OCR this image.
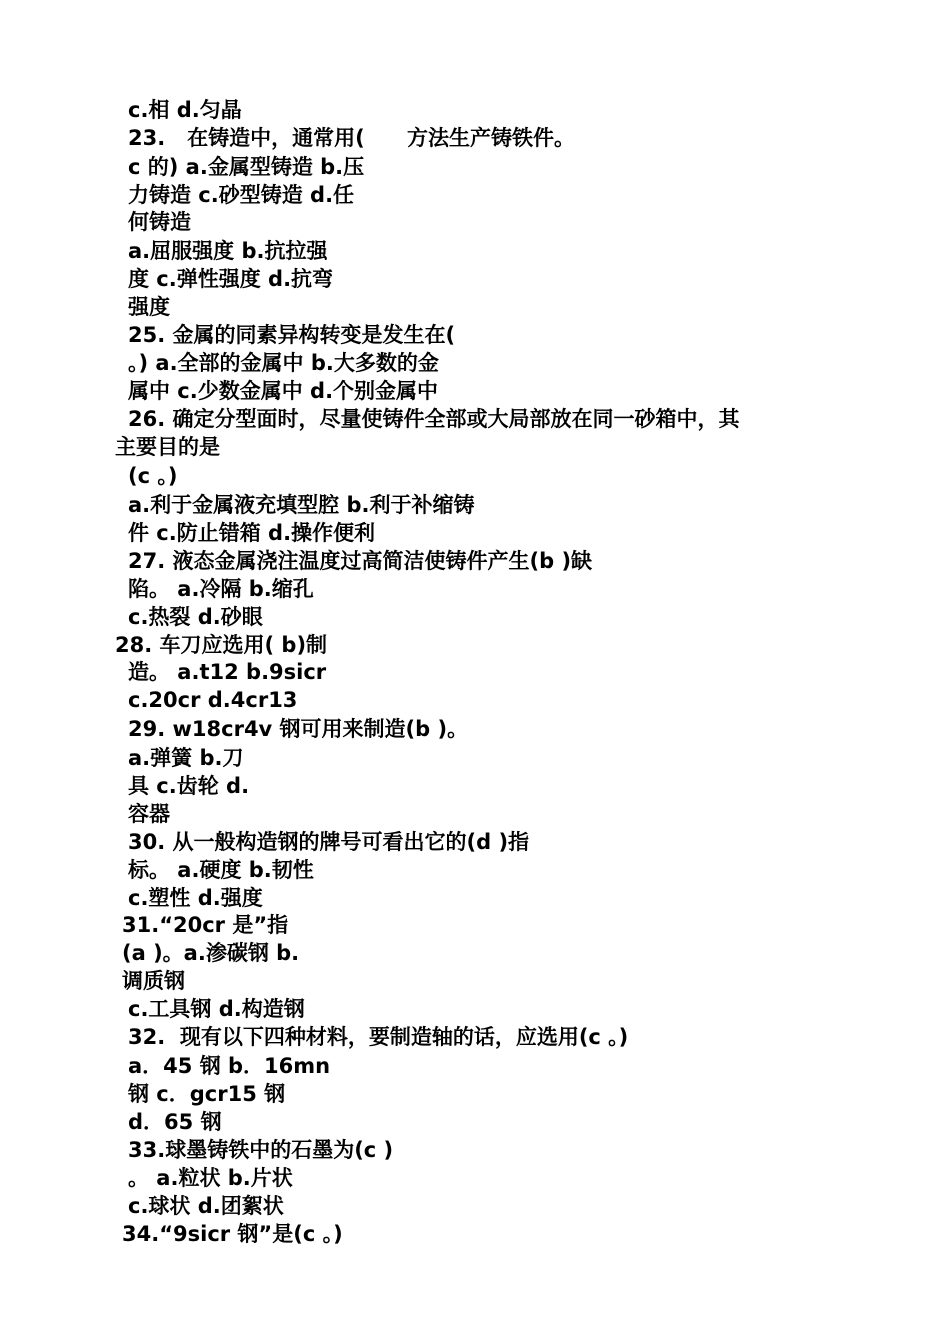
c.相 d.匀晶
23.   在铸造中，通常用( 方法生产铸铁件。
c 的) a.金属型铸造 b.压
力铸造 c.砂型铸造 d.任
何铸造
a.屈服强度 b.抗拉强
度 c.弹性强度 d.抗弯
强度
25. 金属的同素异构转变是发生在(
。) a.全部的金属中 b.大多数的金
属中 c.少数金属中 d.个别金属中
26. 确定分型面时，尽量使铸件全部或大局部放在同一砂箱中，其
主要目的是
(c 。)
a.利于金属液充填型腔 b.利于补缩铸
件 c.防止错箱 d.操作便利
27. 液态金属浇注温度过高简洁使铸件产生(b )缺
陷。 a.冷隔 b.缩孔
c.热裂 d.砂眼
28. 车刀应选用( b)制
造。 a.t12 b.9sicr
c.20cr d.4cr13
29. w18cr4v 钢可用来制造(b )。
a.弹簧 b.刀
具 c.齿轮 d.
容器
30. 从一般构造钢的牌号可看出它的(d )指
标。 a.硬度 b.韧性
c.塑性 d.强度
31.“20cr 是”指
(a )。a.渗碳钢 b.
调质钢
c.工具钢 d.构造钢
32.  现有以下四种材料，要制造轴的话，应选用(c 。)
a．45 钢 b．16mn
钢 c．gcr15 钢
d．65 钢
33.球墨铸铁中的石墨为(c )
。 a.粒状 b.片状
c.球状 d.团絮状
34.“9sicr 钢”是(c 。)
